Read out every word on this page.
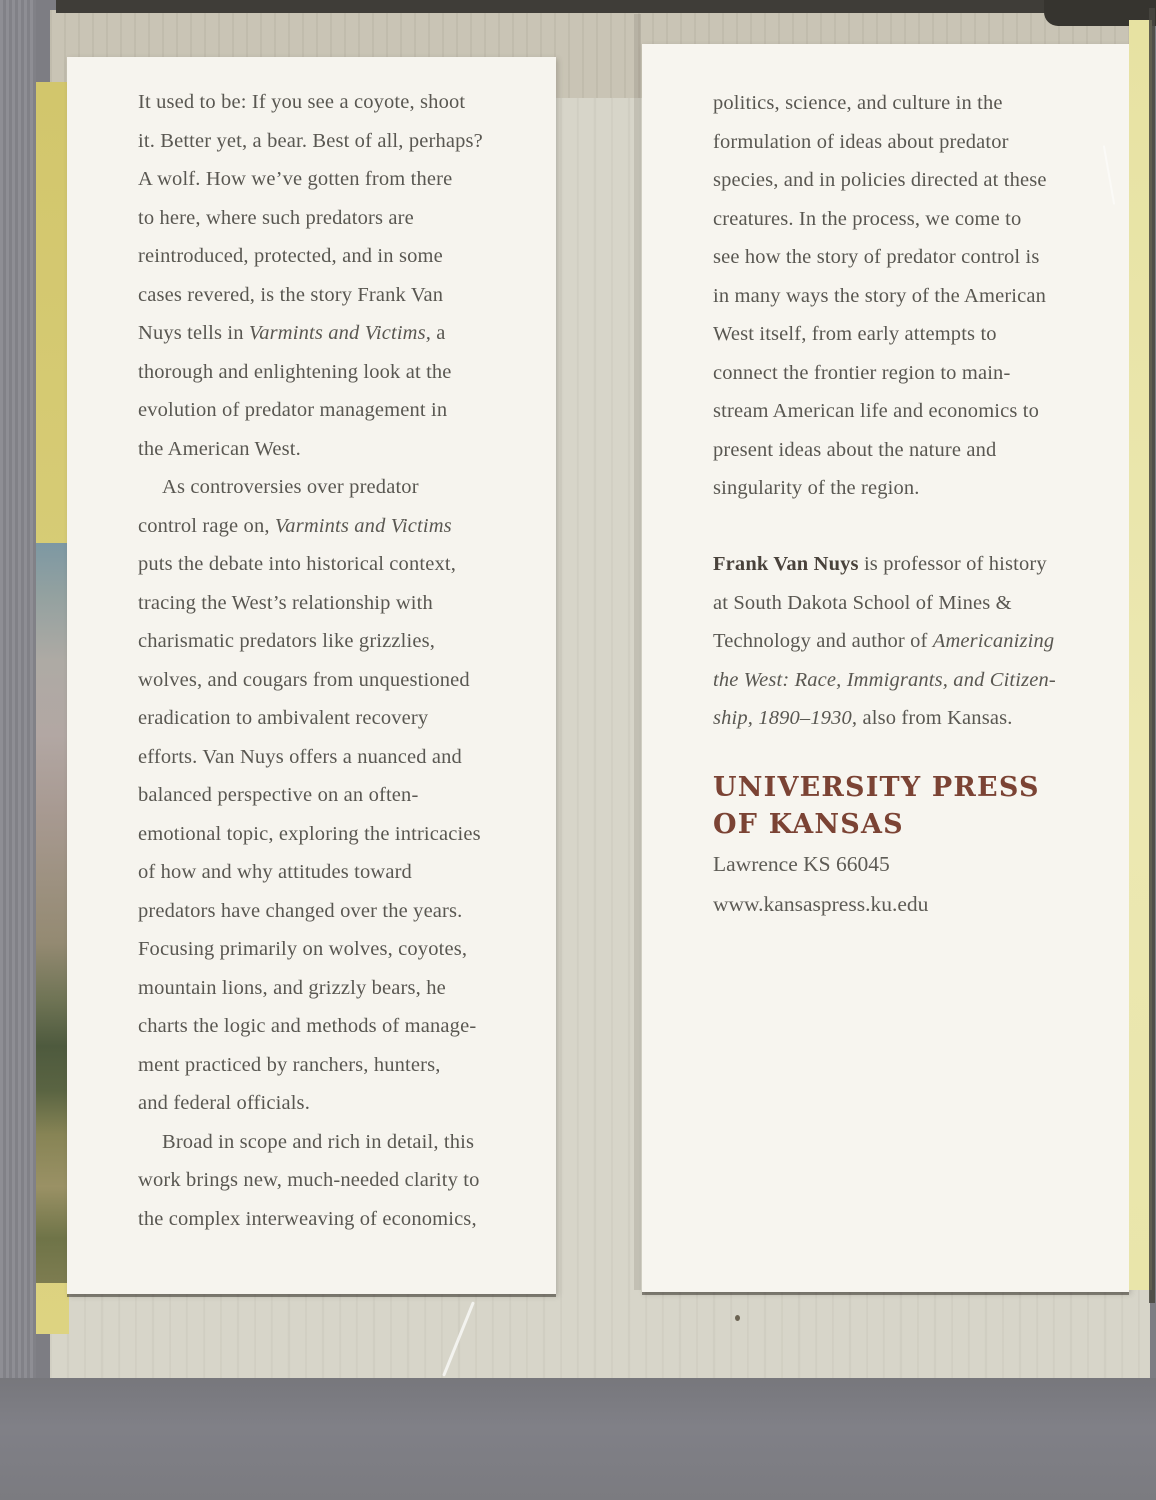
It used to be: If you see a coyote, shoot
it. Better yet, a bear. Best of all, perhaps?
A wolf. How we’ve gotten from there
to here, where such predators are
reintroduced, protected, and in some
cases revered, is the story Frank Van
Nuys tells in Varmints and Victims, a
thorough and enlightening look at the
evolution of predator management in
the American West.
As controversies over predator
control rage on, Varmints and Victims
puts the debate into historical context,
tracing the West’s relationship with
charismatic predators like grizzlies,
wolves, and cougars from unquestioned
eradication to ambivalent recovery
efforts. Van Nuys offers a nuanced and
balanced perspective on an often-
emotional topic, exploring the intricacies
of how and why attitudes toward
predators have changed over the years.
Focusing primarily on wolves, coyotes,
mountain lions, and grizzly bears, he
charts the logic and methods of manage-
ment practiced by ranchers, hunters,
and federal officials.
Broad in scope and rich in detail, this
work brings new, much-needed clarity to
the complex interweaving of economics,
politics, science, and culture in the
formulation of ideas about predator
species, and in policies directed at these
creatures. In the process, we come to
see how the story of predator control is
in many ways the story of the American
West itself, from early attempts to
connect the frontier region to main-
stream American life and economics to
present ideas about the nature and
singularity of the region.
Frank Van Nuys is professor of history
at South Dakota School of Mines &
Technology and author of Americanizing
the West: Race, Immigrants, and Citizen-
ship, 1890–1930, also from Kansas.
UNIVERSITY PRESS
OF KANSAS
Lawrence KS 66045
www.kansaspress.ku.edu
